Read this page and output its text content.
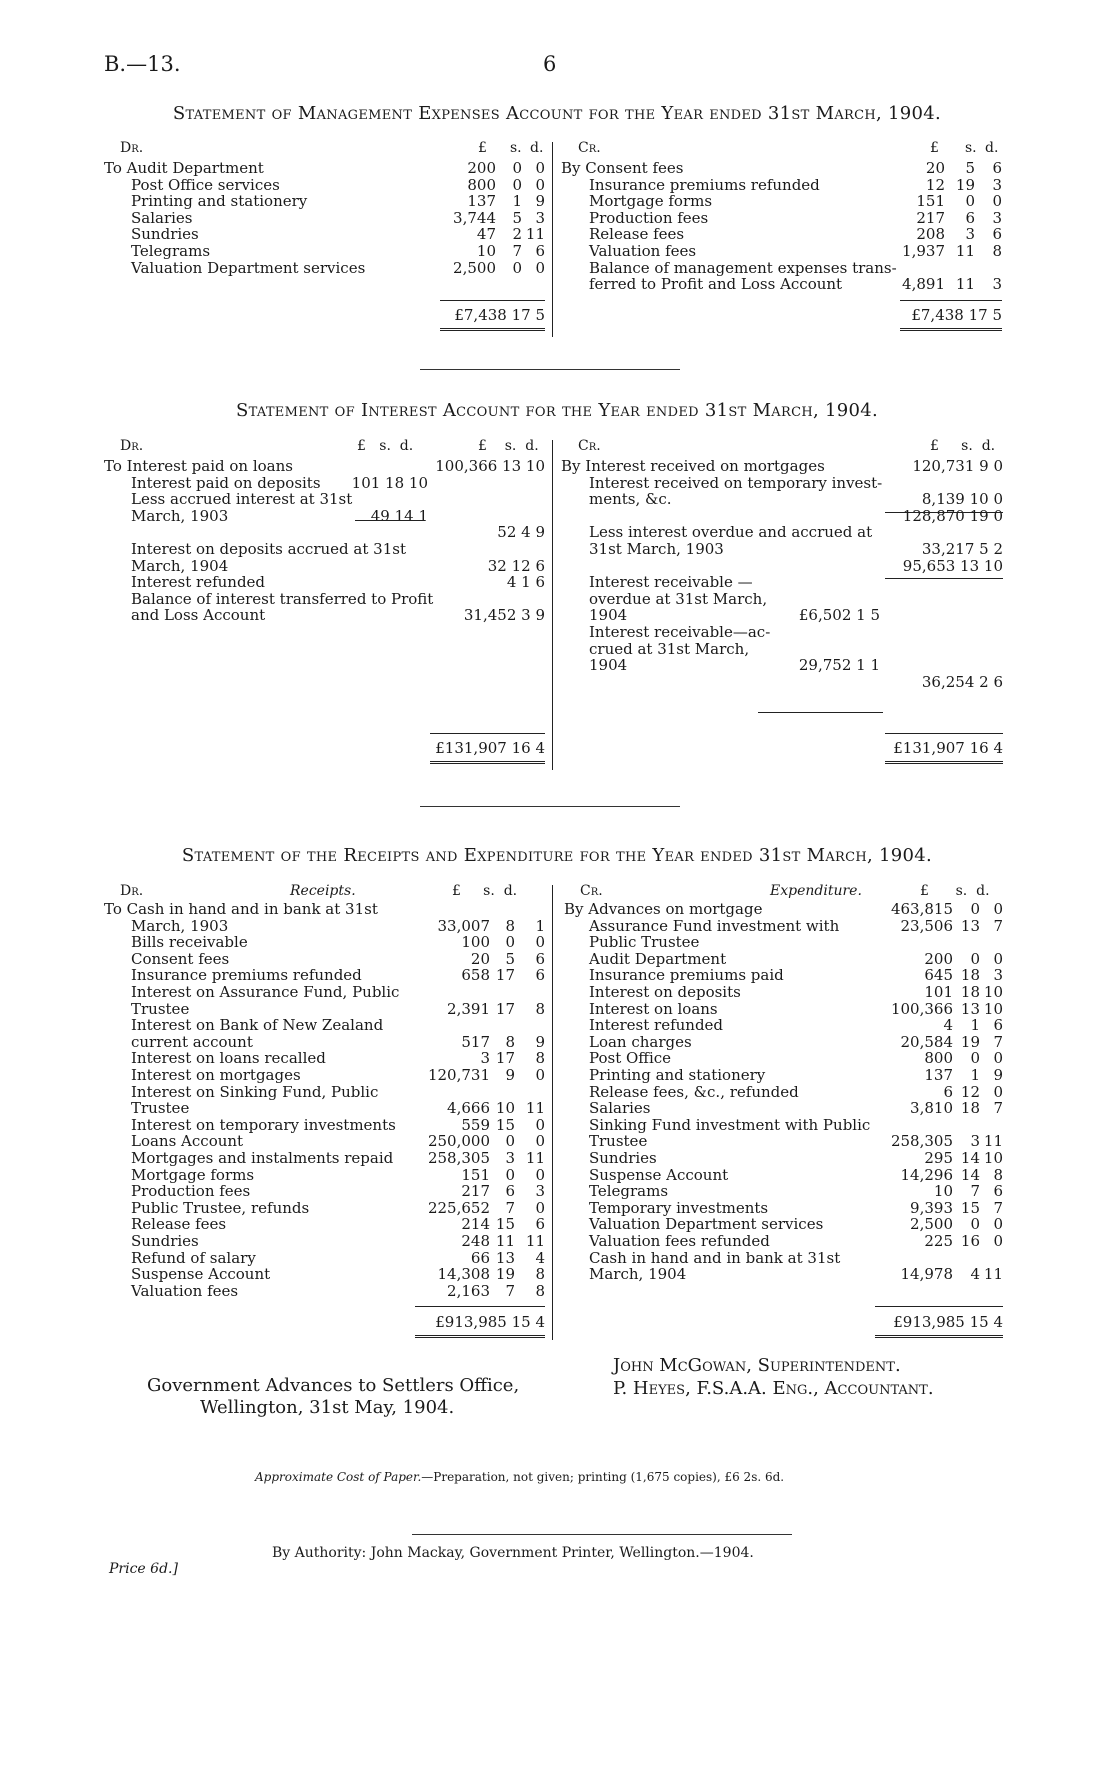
B.—13.	6
Statement of Management Expenses Account for the Year ended 31st March, 1904.
Dr.	Cr.
£ s. d.	£ s. d.
To Audit Department	200	0 0
Post Office services	800	0 0
Printing and stationery	137	1 9
Salaries	3,744	5 3
Sundries	47	2 11
Telegrams	10	7 6
Valuation Department services	2,500	0 0
By Consent fees	20	5	6
Insurance premiums refunded	12 19	3
Mortgage forms	151	0	0
Production fees	217	6	3
Release fees	208	3	6
Valuation fees	1,937 11	8
Balance of management expenses trans-
ferred to Profit and Loss Account	4,891 11	3
£7,438 17 5	£7,438 17 5
Statement of Interest Account for the Year ended 31st March, 1904.
Dr.	Cr.
£   s.  d.	£    s.  d.	£     s.  d.
To Interest paid on loans	100,366 13 10
Interest paid on deposits	101 18 10
Less accrued interest at 31st
March, 1903	49 14 1
52 4 9
Interest on deposits accrued at 31st
March, 1904	32 12 6
Interest refunded	4 1 6
Balance of interest transferred to Profit
and Loss Account	31,452 3 9
By Interest received on mortgages	120,731 9 0
Interest received on temporary invest-
ments, &c.	8,139 10 0
128,870 19 0
Less interest overdue and accrued at
31st March, 1903	33,217 5 2
95,653 13 10
Interest receivable —
overdue at 31st March,
1904	£6,502 1 5
Interest receivable—ac-
crued at 31st March,
1904	29,752 1 1
36,254 2 6
£131,907 16 4	£131,907 16 4
Statement of the Receipts and Expenditure for the Year ended 31st March, 1904.
Dr.	Receipts.	Cr.	Expenditure.
£     s.  d.	£      s.  d.
To Cash in hand and in bank at 31st
March, 1903	33,007	8	1
Bills receivable	100	0	0
Consent fees	20	5	6
Insurance premiums refunded	658 17	6
Interest on Assurance Fund, Public
Trustee	2,391 17	8
Interest on Bank of New Zealand
current account	517	8	9
Interest on loans recalled	3 17	8
Interest on mortgages	120,731	9	0
Interest on Sinking Fund, Public
Trustee	4,666 10 11
Interest on temporary investments	559 15	0
Loans Account	250,000	0	0
Mortgages and instalments repaid	258,305	3 11
Mortgage forms	151	0	0
Production fees	217	6	3
Public Trustee, refunds	225,652	7	0
Release fees	214 15	6
Sundries	248 11 11
Refund of salary	66 13	4
Suspense Account	14,308 19	8
Valuation fees	2,163	7	8
By Advances on mortgage	463,815	0 0
Assurance Fund investment with	23,506 13 7
Public Trustee
Audit Department	200	0 0
Insurance premiums paid	645 18 3
Interest on deposits	101 18 10
Interest on loans	100,366 13 10
Interest refunded	4	1 6
Loan charges	20,584 19 7
Post Office	800	0 0
Printing and stationery	137	1 9
Release fees, &c., refunded	6 12 0
Salaries	3,810 18 7
Sinking Fund investment with Public
Trustee	258,305	3 11
Sundries	295 14 10
Suspense Account	14,296 14 8
Telegrams	10	7 6
Temporary investments	9,393 15 7
Valuation Department services	2,500	0 0
Valuation fees refunded	225 16 0
Cash in hand and in bank at 31st
March, 1904	14,978	4 11
£913,985 15 4	£913,985 15 4
Government Advances to Settlers Office,
Wellington, 31st May, 1904.
John McGowan, Superintendent.
P. Heyes, F.S.A.A. Eng., Accountant.
Approximate Cost of Paper.—Preparation, not given; printing (1,675 copies), £6 2s. 6d.
By Authority: John Mackay, Government Printer, Wellington.—1904.
Price 6d.]
